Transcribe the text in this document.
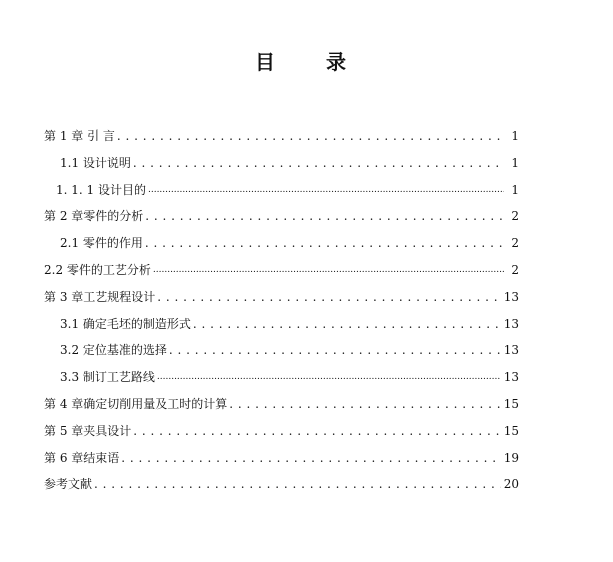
目 录
第 1 章 引 言 . . .	1
1.1 设计说明 . . .	1
1. 1. 1 设计目的 .....	1
第 2 章零件的分析 . . .	2
2.1 零件的作用 . . .	2
2.2 零件的工艺分析 .....	2
第 3 章工艺规程设计 . . .	13
3.1 确定毛坯的制造形式 . . .	13
3.2 定位基准的选择 . . .	13
3.3 制订工艺路线 .....	13
第 4 章确定切削用量及工时的计算 . . .	15
第 5 章夹具设计 . . .	15
第 6 章结束语 . . .	19
参考文献 . . .	20
